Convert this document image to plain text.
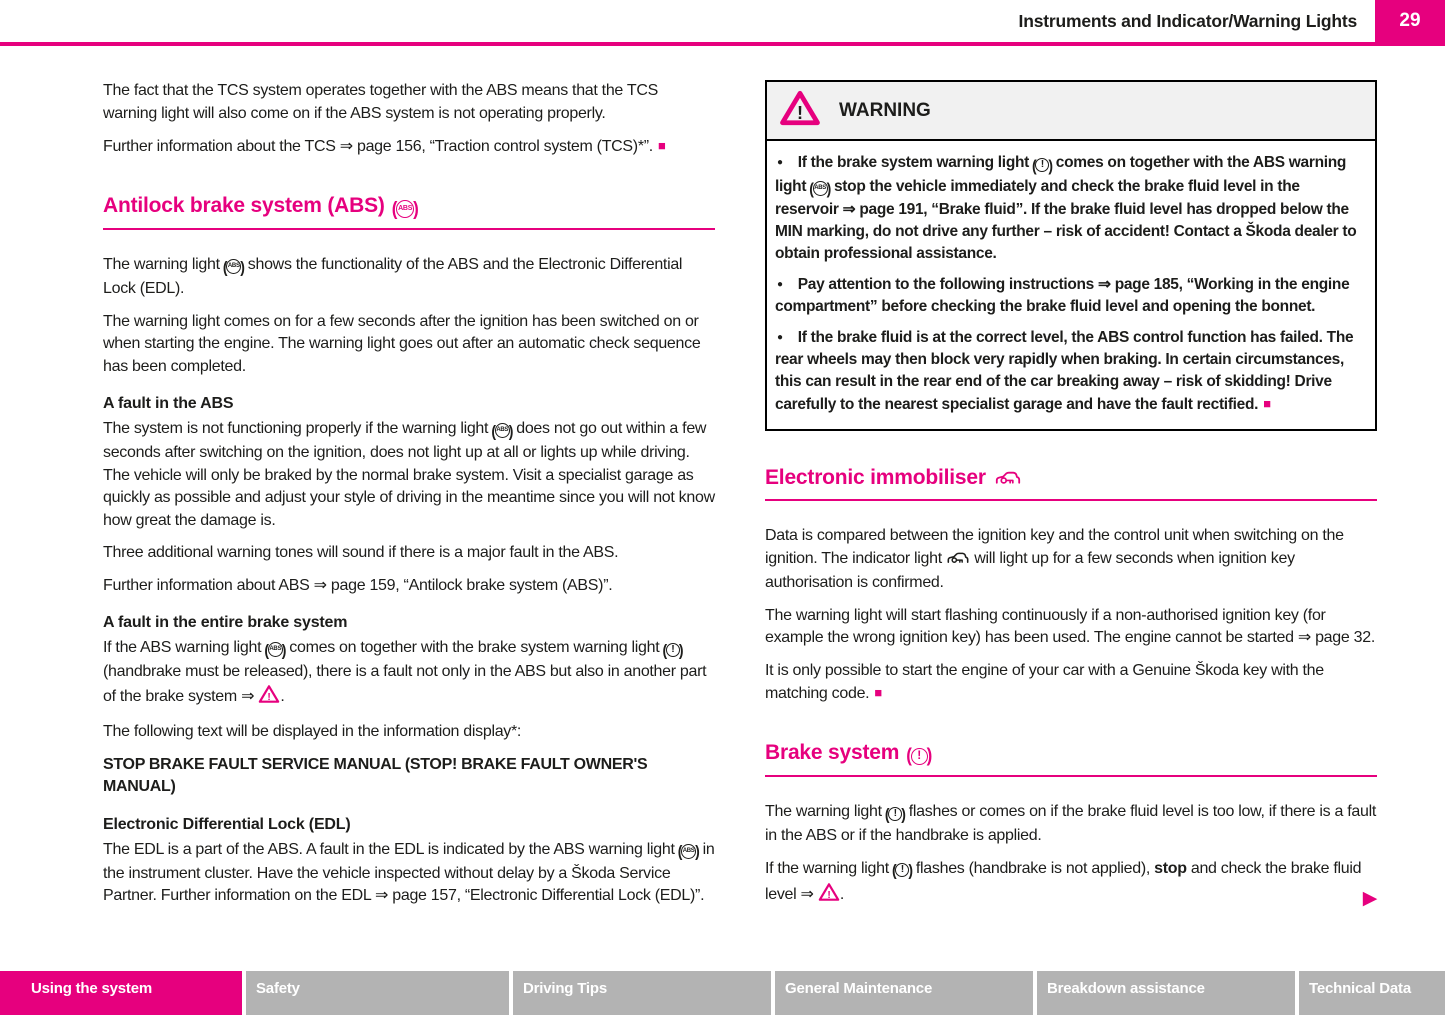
Instruments and Indicator/Warning Lights	29

The fact that the TCS system operates together with the ABS means that the TCS warning light will also come on if the ABS system is not operating properly.

Further information about the TCS ⇒ page 156, “Traction control system (TCS)*”. ■

Antilock brake system (ABS) ( ABS )

The warning light ( ABS ) shows the functionality of the ABS and the Electronic Differential Lock (EDL).

The warning light comes on for a few seconds after the ignition has been switched on or when starting the engine. The warning light goes out after an automatic check sequence has been completed.

A fault in the ABS

The system is not functioning properly if the warning light ( ABS ) does not go out within a few seconds after switching on the ignition, does not light up at all or lights up while driving. The vehicle will only be braked by the normal brake system. Visit a specialist garage as quickly as possible and adjust your style of driving in the meantime since you will not know how great the damage is.

Three additional warning tones will sound if there is a major fault in the ABS.

Further information about ABS ⇒ page 159, “Antilock brake system (ABS)”.

A fault in the entire brake system

If the ABS warning light ( ABS ) comes on together with the brake system warning light ( ! )
(handbrake must be released), there is a fault not only in the ABS but also in another part of the brake system ⇒ ! .

The following text will be displayed in the information display*:

STOP BRAKE FAULT SERVICE MANUAL (STOP! BRAKE FAULT OWNER'S MANUAL)

Electronic Differential Lock (EDL)

The EDL is a part of the ABS. A fault in the EDL is indicated by the ABS warning light ( ABS ) in the instrument cluster. Have the vehicle inspected without delay by a Škoda Service Partner. Further information on the EDL ⇒ page 157, “Electronic Differential Lock (EDL)”.

! WARNING

● If the brake system warning light ( ! ) comes on together with the ABS warning light ( ABS ) stop the vehicle immediately and check the brake fluid level in the reservoir ⇒ page 191, “Brake fluid”. If the brake fluid level has dropped below the MIN marking, do not drive any further – risk of accident! Contact a Škoda dealer to obtain professional assistance.

● Pay attention to the following instructions ⇒ page 185, “Working in the engine compartment” before checking the brake fluid level and opening the bonnet.

● If the brake fluid is at the correct level, the ABS control function has failed. The rear wheels may then block very rapidly when braking. In certain circumstances, this can result in the rear end of the car breaking away – risk of skidding! Drive carefully to the nearest specialist garage and have the fault rectified. ■

Electronic immobiliser

Data is compared between the ignition key and the control unit when switching on the ignition. The indicator light  will light up for a few seconds when ignition key authorisation is confirmed.

The warning light will start flashing continuously if a non-authorised ignition key (for example the wrong ignition key) has been used. The engine cannot be started ⇒ page 32.

It is only possible to start the engine of your car with a Genuine Škoda key with the matching code. ■

Brake system ( ! )

The warning light ( ! ) flashes or comes on if the brake fluid level is too low, if there is a fault in the ABS or if the handbrake is applied.

If the warning light ( ! ) flashes (handbrake is not applied), stop and check the brake fluid level ⇒ ! .	▶

Using the system	Safety	Driving Tips	General Maintenance	Breakdown assistance	Technical Data
